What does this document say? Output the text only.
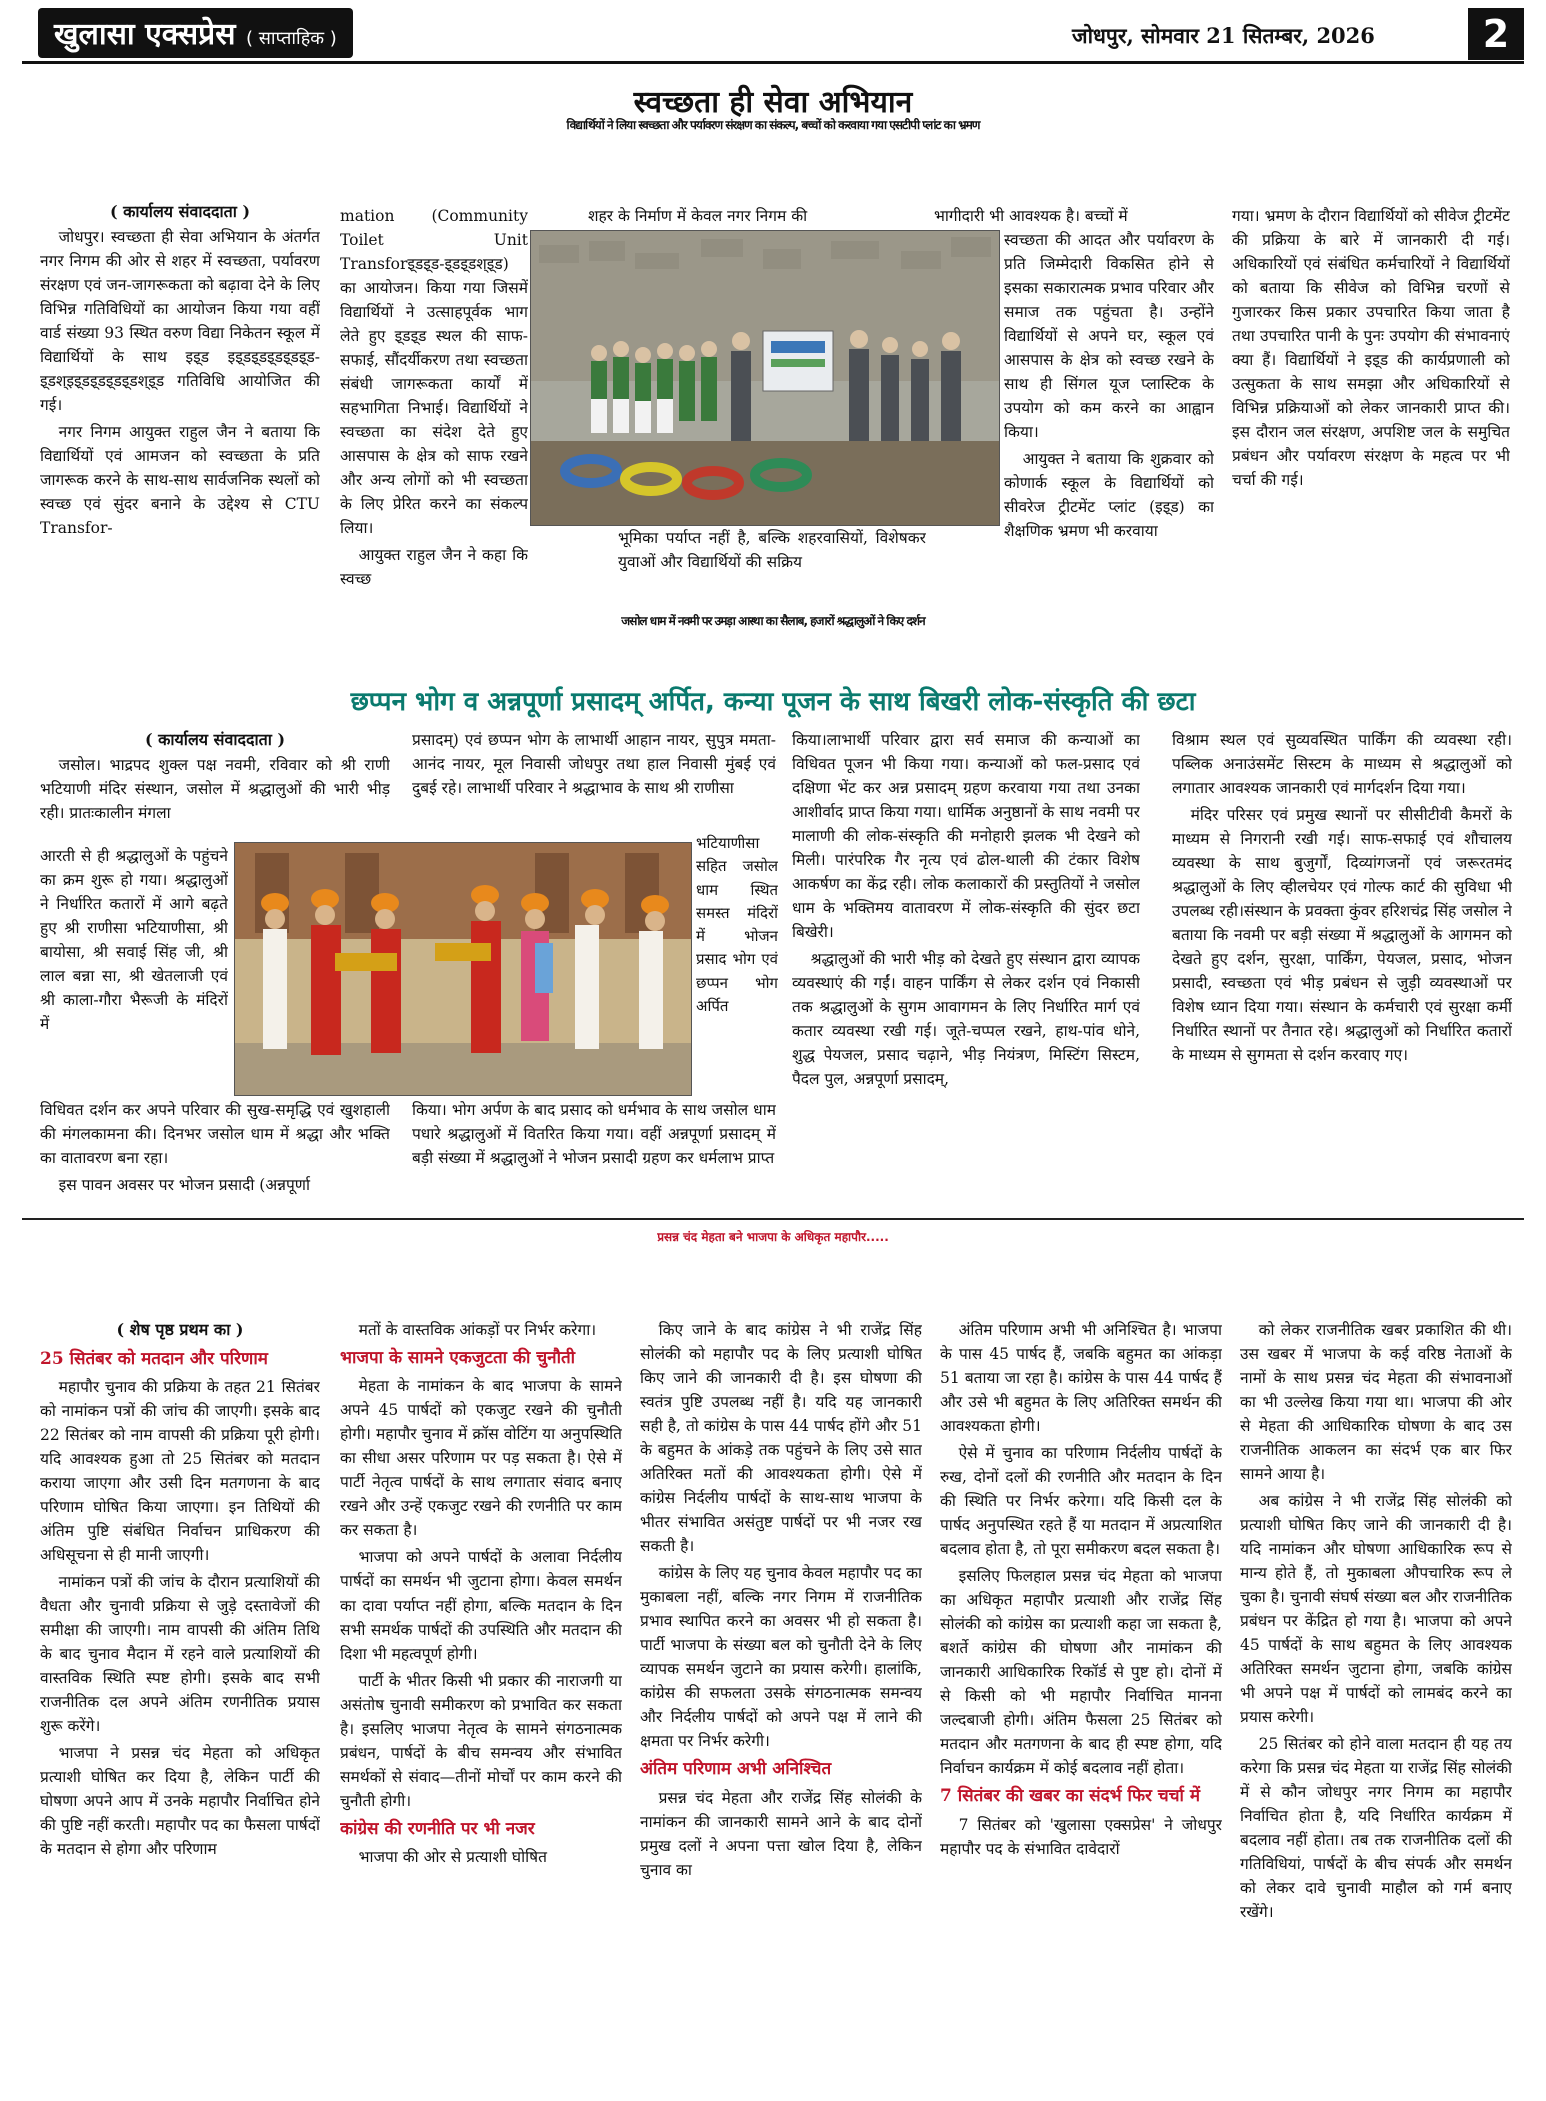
खुलासा एक्सप्रेस ( साप्ताहिक )	जोधपुर, सोमवार 21 सितम्बर, 2026	2
स्वच्छता ही सेवा अभियान
विद्यार्थियों ने लिया स्वच्छता और पर्यावरण संरक्षण का संकल्प, बच्चों को करवाया गया एसटीपी प्लांट का भ्रमण
( कार्यालय संवाददाता )

जोधपुर। स्वच्छता ही सेवा अभियान के अंतर्गत नगर निगम की ओर से शहर में स्वच्छता, पर्यावरण संरक्षण एवं जन-जागरूकता को बढ़ावा देने के लिए विभिन्न गतिविधियों का आयोजन किया गया वहीं वार्ड संख्या 93 स्थित वरुण विद्या निकेतन स्कूल में विद्यार्थियों के साथ इइ्ड इइ्डइ्डइ्डइ्डइ्ड-इ्डश्इइ्डइ्डइ्डइ्डश्इ्ड गतिविधि आयोजित की गई।

नगर निगम आयुक्त राहुल जैन ने बताया कि विद्यार्थियों एवं आमजन को स्वच्छता के प्रति जागरूक करने के साथ-साथ सार्वजनिक स्थलों को स्वच्छ एवं सुंदर बनाने के उद्देश्य से CTU Transfor-

mation (Community Toilet Unit Transforइ्डइ्ड-इ्डइ्डश्इ्ड) का आयोजन। किया गया जिसमें विद्यार्थियों ने उत्साहपूर्वक भाग लेते हुए इ्डइ्ड स्थल की साफ-सफाई, सौंदर्यीकरण तथा स्वच्छता संबंधी जागरूकता कार्यों में सहभागिता निभाई। विद्यार्थियों ने स्वच्छता का संदेश देते हुए आसपास के क्षेत्र को साफ रखने और अन्य लोगों को भी स्वच्छता के लिए प्रेरित करने का संकल्प लिया।

आयुक्त राहुल जैन ने कहा कि स्वच्छ

शहर के निर्माण में केवल नगर निगम की
भूमिका पर्याप्त नहीं है, बल्कि शहरवासियों, विशेषकर युवाओं और विद्यार्थियों की सक्रिय
भागीदारी भी आवश्यक है। बच्चों में

स्वच्छता की आदत और पर्यावरण के प्रति जिम्मेदारी विकसित होने से इसका सकारात्मक प्रभाव परिवार और समाज तक पहुंचता है। उन्होंने विद्यार्थियों से अपने घर, स्कूल एवं आसपास के क्षेत्र को स्वच्छ रखने के साथ ही सिंगल यूज प्लास्टिक के उपयोग को कम करने का आह्वान किया।

आयुक्त ने बताया कि शुक्रवार को कोणार्क स्कूल के विद्यार्थियों को सीवरेज ट्रीटमेंट प्लांट (इइ्ड) का शैक्षणिक भ्रमण भी करवाया

गया। भ्रमण के दौरान विद्यार्थियों को सीवेज ट्रीटमेंट की प्रक्रिया के बारे में जानकारी दी गई। अधिकारियों एवं संबंधित कर्मचारियों ने विद्यार्थियों को बताया कि सीवेज को विभिन्न चरणों से गुजारकर किस प्रकार उपचारित किया जाता है तथा उपचारित पानी के पुनः उपयोग की संभावनाएं क्या हैं। विद्यार्थियों ने इइ्ड की कार्यप्रणाली को उत्सुकता के साथ समझा और अधिकारियों से विभिन्न प्रक्रियाओं को लेकर जानकारी प्राप्त की। इस दौरान जल संरक्षण, अपशिष्ट जल के समुचित प्रबंधन और पर्यावरण संरक्षण के महत्व पर भी चर्चा की गई।

जसोल धाम में नवमी पर उमड़ा आस्था का सैलाब, हजारों श्रद्धालुओं ने किए दर्शन
छप्पन भोग व अन्नपूर्णा प्रसादम् अर्पित, कन्या पूजन के साथ बिखरी लोक-संस्कृति की छटा
( कार्यालय संवाददाता )

जसोल। भाद्रपद शुक्ल पक्ष नवमी, रविवार को श्री राणी भटियाणी मंदिर संस्थान, जसोल में श्रद्धालुओं की भारी भीड़ रही। प्रातःकालीन मंगला

आरती से ही श्रद्धालुओं के पहुंचने का क्रम शुरू हो गया। श्रद्धालुओं ने निर्धारित कतारों में आगे बढ़ते हुए श्री राणीसा भटियाणीसा, श्री बायोसा, श्री सवाई सिंह जी, श्री लाल बन्ना सा, श्री खेतलाजी एवं श्री काला-गौरा भैरूजी के मंदिरों में

विधिवत दर्शन कर अपने परिवार की सुख-समृद्धि एवं खुशहाली की मंगलकामना की। दिनभर जसोल धाम में श्रद्धा और भक्ति का वातावरण बना रहा।

इस पावन अवसर पर भोजन प्रसादी (अन्नपूर्णा

प्रसादम्) एवं छप्पन भोग के लाभार्थी आहान नायर, सुपुत्र ममता-आनंद नायर, मूल निवासी जोधपुर तथा हाल निवासी मुंबई एवं दुबई रहे। लाभार्थी परिवार ने श्रद्धाभाव के साथ श्री राणीसा

भटियाणीसा सहित जसोल धाम स्थित समस्त मंदिरों में भोजन प्रसाद भोग एवं छप्पन भोग अर्पित

किया। भोग अर्पण के बाद प्रसाद को धर्मभाव के साथ जसोल धाम पधारे श्रद्धालुओं में वितरित किया गया। वहीं अन्नपूर्णा प्रसादम् में बड़ी संख्या में श्रद्धालुओं ने भोजन प्रसादी ग्रहण कर धर्मलाभ प्राप्त

किया।लाभार्थी परिवार द्वारा सर्व समाज की कन्याओं का विधिवत पूजन भी किया गया। कन्याओं को फल-प्रसाद एवं दक्षिणा भेंट कर अन्न प्रसादम् ग्रहण करवाया गया तथा उनका आशीर्वाद प्राप्त किया गया। धार्मिक अनुष्ठानों के साथ नवमी पर मालाणी की लोक-संस्कृति की मनोहारी झलक भी देखने को मिली। पारंपरिक गैर नृत्य एवं ढोल-थाली की टंकार विशेष आकर्षण का केंद्र रही। लोक कलाकारों की प्रस्तुतियों ने जसोल धाम के भक्तिमय वातावरण में लोक-संस्कृति की सुंदर छटा बिखेरी।

श्रद्धालुओं की भारी भीड़ को देखते हुए संस्थान द्वारा व्यापक व्यवस्थाएं की गईं। वाहन पार्किंग से लेकर दर्शन एवं निकासी तक श्रद्धालुओं के सुगम आवागमन के लिए निर्धारित मार्ग एवं कतार व्यवस्था रखी गई। जूते-चप्पल रखने, हाथ-पांव धोने, शुद्ध पेयजल, प्रसाद चढ़ाने, भीड़ नियंत्रण, मिस्टिंग सिस्टम, पैदल पुल, अन्नपूर्णा प्रसादम्,

विश्राम स्थल एवं सुव्यवस्थित पार्किंग की व्यवस्था रही। पब्लिक अनाउंसमेंट सिस्टम के माध्यम से श्रद्धालुओं को लगातार आवश्यक जानकारी एवं मार्गदर्शन दिया गया।

मंदिर परिसर एवं प्रमुख स्थानों पर सीसीटीवी कैमरों के माध्यम से निगरानी रखी गई। साफ-सफाई एवं शौचालय व्यवस्था के साथ बुजुर्गों, दिव्यांगजनों एवं जरूरतमंद श्रद्धालुओं के लिए व्हीलचेयर एवं गोल्फ कार्ट की सुविधा भी उपलब्ध रही।संस्थान के प्रवक्ता कुंवर हरिशचंद्र सिंह जसोल ने बताया कि नवमी पर बड़ी संख्या में श्रद्धालुओं के आगमन को देखते हुए दर्शन, सुरक्षा, पार्किंग, पेयजल, प्रसाद, भोजन प्रसादी, स्वच्छता एवं भीड़ प्रबंधन से जुड़ी व्यवस्थाओं पर विशेष ध्यान दिया गया। संस्थान के कर्मचारी एवं सुरक्षा कर्मी निर्धारित स्थानों पर तैनात रहे। श्रद्धालुओं को निर्धारित कतारों के माध्यम से सुगमता से दर्शन करवाए गए।

प्रसन्न चंद मेहता बने भाजपा के अधिकृत महापौर.....
( शेष पृष्ठ प्रथम का )
25 सितंबर को मतदान और परिणाम

महापौर चुनाव की प्रक्रिया के तहत 21 सितंबर को नामांकन पत्रों की जांच की जाएगी। इसके बाद 22 सितंबर को नाम वापसी की प्रक्रिया पूरी होगी। यदि आवश्यक हुआ तो 25 सितंबर को मतदान कराया जाएगा और उसी दिन मतगणना के बाद परिणाम घोषित किया जाएगा। इन तिथियों की अंतिम पुष्टि संबंधित निर्वाचन प्राधिकरण की अधिसूचना से ही मानी जाएगी।

नामांकन पत्रों की जांच के दौरान प्रत्याशियों की वैधता और चुनावी प्रक्रिया से जुड़े दस्तावेजों की समीक्षा की जाएगी। नाम वापसी की अंतिम तिथि के बाद चुनाव मैदान में रहने वाले प्रत्याशियों की वास्तविक स्थिति स्पष्ट होगी। इसके बाद सभी राजनीतिक दल अपने अंतिम रणनीतिक प्रयास शुरू करेंगे।

भाजपा ने प्रसन्न चंद मेहता को अधिकृत प्रत्याशी घोषित कर दिया है, लेकिन पार्टी की घोषणा अपने आप में उनके महापौर निर्वाचित होने की पुष्टि नहीं करती। महापौर पद का फैसला पार्षदों के मतदान से होगा और परिणाम

मतों के वास्तविक आंकड़ों पर निर्भर करेगा।

भाजपा के सामने एकजुटता की चुनौती

मेहता के नामांकन के बाद भाजपा के सामने अपने 45 पार्षदों को एकजुट रखने की चुनौती होगी। महापौर चुनाव में क्रॉस वोटिंग या अनुपस्थिति का सीधा असर परिणाम पर पड़ सकता है। ऐसे में पार्टी नेतृत्व पार्षदों के साथ लगातार संवाद बनाए रखने और उन्हें एकजुट रखने की रणनीति पर काम कर सकता है।

भाजपा को अपने पार्षदों के अलावा निर्दलीय पार्षदों का समर्थन भी जुटाना होगा। केवल समर्थन का दावा पर्याप्त नहीं होगा, बल्कि मतदान के दिन सभी समर्थक पार्षदों की उपस्थिति और मतदान की दिशा भी महत्वपूर्ण होगी।

पार्टी के भीतर किसी भी प्रकार की नाराजगी या असंतोष चुनावी समीकरण को प्रभावित कर सकता है। इसलिए भाजपा नेतृत्व के सामने संगठनात्मक प्रबंधन, पार्षदों के बीच समन्वय और संभावित समर्थकों से संवाद—तीनों मोर्चों पर काम करने की चुनौती होगी।

कांग्रेस की रणनीति पर भी नजर

भाजपा की ओर से प्रत्याशी घोषित

किए जाने के बाद कांग्रेस ने भी राजेंद्र सिंह सोलंकी को महापौर पद के लिए प्रत्याशी घोषित किए जाने की जानकारी दी है। इस घोषणा की स्वतंत्र पुष्टि उपलब्ध नहीं है। यदि यह जानकारी सही है, तो कांग्रेस के पास 44 पार्षद होंगे और 51 के बहुमत के आंकड़े तक पहुंचने के लिए उसे सात अतिरिक्त मतों की आवश्यकता होगी। ऐसे में कांग्रेस निर्दलीय पार्षदों के साथ-साथ भाजपा के भीतर संभावित असंतुष्ट पार्षदों पर भी नजर रख सकती है।

कांग्रेस के लिए यह चुनाव केवल महापौर पद का मुकाबला नहीं, बल्कि नगर निगम में राजनीतिक प्रभाव स्थापित करने का अवसर भी हो सकता है। पार्टी भाजपा के संख्या बल को चुनौती देने के लिए व्यापक समर्थन जुटाने का प्रयास करेगी। हालांकि, कांग्रेस की सफलता उसके संगठनात्मक समन्वय और निर्दलीय पार्षदों को अपने पक्ष में लाने की क्षमता पर निर्भर करेगी।

अंतिम परिणाम अभी अनिश्चित

प्रसन्न चंद मेहता और राजेंद्र सिंह सोलंकी के नामांकन की जानकारी सामने आने के बाद दोनों प्रमुख दलों ने अपना पत्ता खोल दिया है, लेकिन चुनाव का

अंतिम परिणाम अभी भी अनिश्चित है। भाजपा के पास 45 पार्षद हैं, जबकि बहुमत का आंकड़ा 51 बताया जा रहा है। कांग्रेस के पास 44 पार्षद हैं और उसे भी बहुमत के लिए अतिरिक्त समर्थन की आवश्यकता होगी।

ऐसे में चुनाव का परिणाम निर्दलीय पार्षदों के रुख, दोनों दलों की रणनीति और मतदान के दिन की स्थिति पर निर्भर करेगा। यदि किसी दल के पार्षद अनुपस्थित रहते हैं या मतदान में अप्रत्याशित बदलाव होता है, तो पूरा समीकरण बदल सकता है।

इसलिए फिलहाल प्रसन्न चंद मेहता को भाजपा का अधिकृत महापौर प्रत्याशी और राजेंद्र सिंह सोलंकी को कांग्रेस का प्रत्याशी कहा जा सकता है, बशर्ते कांग्रेस की घोषणा और नामांकन की जानकारी आधिकारिक रिकॉर्ड से पुष्ट हो। दोनों में से किसी को भी महापौर निर्वाचित मानना जल्दबाजी होगी। अंतिम फैसला 25 सितंबर को मतदान और मतगणना के बाद ही स्पष्ट होगा, यदि निर्वाचन कार्यक्रम में कोई बदलाव नहीं होता।

7 सितंबर की खबर का संदर्भ फिर चर्चा में

7 सितंबर को 'खुलासा एक्सप्रेस' ने जोधपुर महापौर पद के संभावित दावेदारों

को लेकर राजनीतिक खबर प्रकाशित की थी। उस खबर में भाजपा के कई वरिष्ठ नेताओं के नामों के साथ प्रसन्न चंद मेहता की संभावनाओं का भी उल्लेख किया गया था। भाजपा की ओर से मेहता की आधिकारिक घोषणा के बाद उस राजनीतिक आकलन का संदर्भ एक बार फिर सामने आया है।

अब कांग्रेस ने भी राजेंद्र सिंह सोलंकी को प्रत्याशी घोषित किए जाने की जानकारी दी है। यदि नामांकन और घोषणा आधिकारिक रूप से मान्य होते हैं, तो मुकाबला औपचारिक रूप ले चुका है। चुनावी संघर्ष संख्या बल और राजनीतिक प्रबंधन पर केंद्रित हो गया है। भाजपा को अपने 45 पार्षदों के साथ बहुमत के लिए आवश्यक अतिरिक्त समर्थन जुटाना होगा, जबकि कांग्रेस भी अपने पक्ष में पार्षदों को लामबंद करने का प्रयास करेगी।

25 सितंबर को होने वाला मतदान ही यह तय करेगा कि प्रसन्न चंद मेहता या राजेंद्र सिंह सोलंकी में से कौन जोधपुर नगर निगम का महापौर निर्वाचित होता है, यदि निर्धारित कार्यक्रम में बदलाव नहीं होता। तब तक राजनीतिक दलों की गतिविधियां, पार्षदों के बीच संपर्क और समर्थन को लेकर दावे चुनावी माहौल को गर्म बनाए रखेंगे।
